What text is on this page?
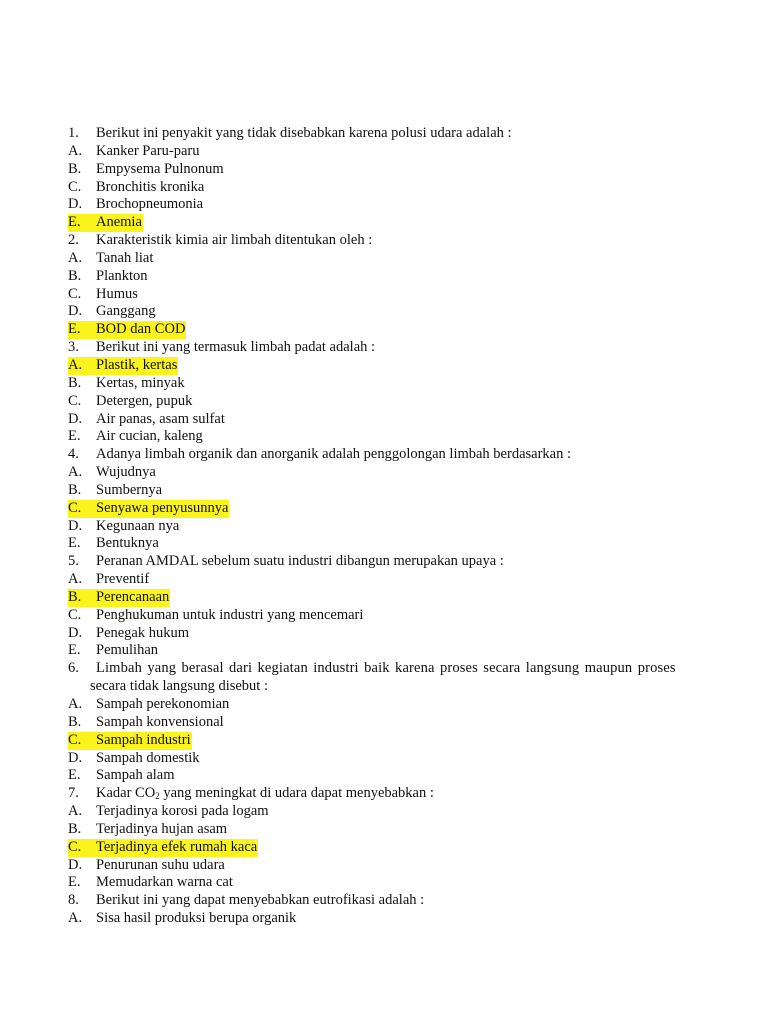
1. Berikut ini penyakit yang tidak disebabkan karena polusi udara adalah :
A. Kanker Paru-paru
B. Empysema Pulnonum
C. Bronchitis kronika
D. Brochopneumonia
E. Anemia
2. Karakteristik kimia air limbah ditentukan oleh :
A. Tanah liat
B. Plankton
C. Humus
D. Ganggang
E. BOD dan COD
3. Berikut ini yang termasuk limbah padat adalah :
A. Plastik, kertas
B. Kertas, minyak
C. Detergen, pupuk
D. Air panas, asam sulfat
E. Air cucian, kaleng
4. Adanya limbah organik dan anorganik adalah penggolongan limbah berdasarkan :
A. Wujudnya
B. Sumbernya
C. Senyawa penyusunnya
D. Kegunaan nya
E. Bentuknya
5. Peranan AMDAL sebelum suatu industri dibangun merupakan upaya :
A. Preventif
B. Perencanaan
C. Penghukuman untuk industri yang mencemari
D. Penegak hukum
E. Pemulihan
6. Limbah yang berasal dari kegiatan industri baik karena proses secara langsung maupun proses
secara tidak langsung disebut :
A. Sampah perekonomian
B. Sampah konvensional
C. Sampah industri
D. Sampah domestik
E. Sampah alam
7. Kadar $CO_2$ yang meningkat di udara dapat menyebabkan :
A. Terjadinya korosi pada logam
B. Terjadinya hujan asam
C. Terjadinya efek rumah kaca
D. Penurunan suhu udara
E. Memudarkan warna cat
8. Berikut ini yang dapat menyebabkan eutrofikasi adalah :
A. Sisa hasil produksi berupa organik
